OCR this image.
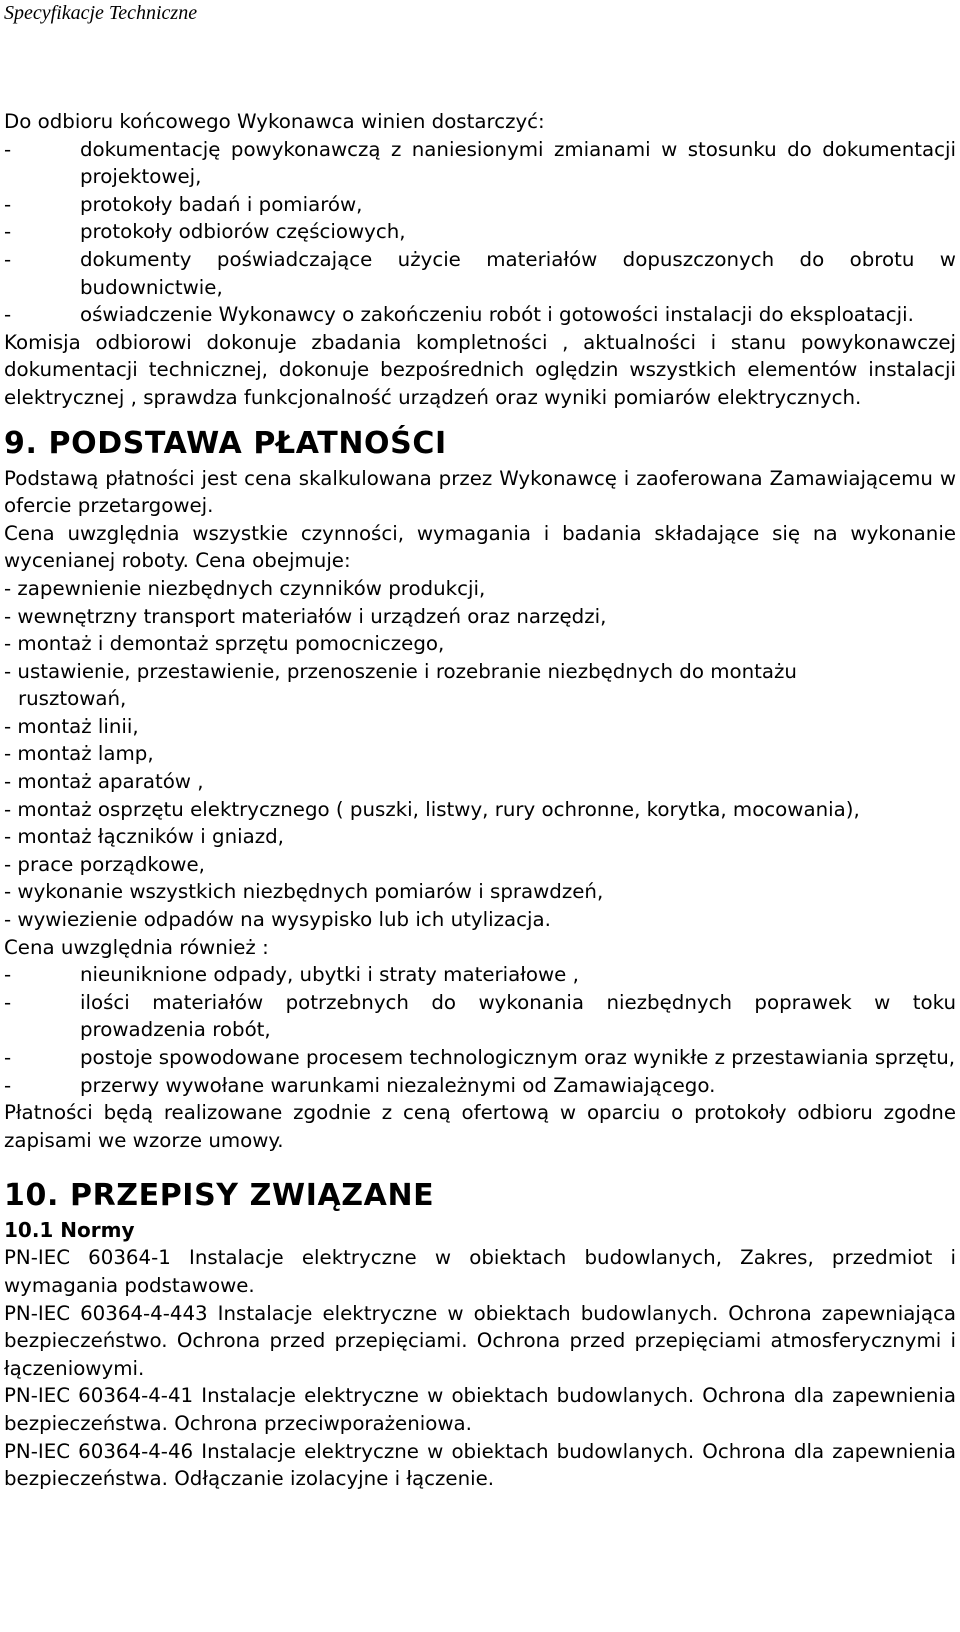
Specyfikacje Techniczne

Do odbioru końcowego Wykonawca winien dostarczyć:

-	dokumentację powykonawczą z naniesionymi zmianami w stosunku do dokumentacji projektowej,
-	protokoły badań i pomiarów,
-	protokoły odbiorów częściowych,
-	dokumenty poświadczające użycie materiałów dopuszczonych do obrotu w budownictwie,
-	oświadczenie Wykonawcy o zakończeniu robót i gotowości instalacji do eksploatacji.

Komisja odbiorowi dokonuje zbadania kompletności , aktualności i stanu powykonawczej dokumentacji technicznej, dokonuje bezpośrednich oględzin wszystkich elementów instalacji elektrycznej , sprawdza funkcjonalność urządzeń oraz wyniki pomiarów elektrycznych.

9. PODSTAWA PŁATNOŚCI

Podstawą płatności jest cena skalkulowana przez Wykonawcę i zaoferowana Zamawiającemu w ofercie przetargowej.

Cena uwzględnia wszystkie czynności, wymagania i badania składające się na wykonanie wycenianej roboty. Cena obejmuje:

- zapewnienie niezbędnych czynników produkcji,

- wewnętrzny transport materiałów i urządzeń oraz narzędzi,

- montaż i demontaż sprzętu pomocniczego,

- ustawienie, przestawienie, przenoszenie i rozebranie niezbędnych do montażu

rusztowań,

- montaż linii,

- montaż lamp,

- montaż aparatów ,

- montaż osprzętu elektrycznego ( puszki, listwy, rury ochronne, korytka, mocowania),

- montaż łączników i gniazd,

- prace porządkowe,

- wykonanie wszystkich niezbędnych pomiarów i sprawdzeń,

- wywiezienie odpadów na wysypisko lub ich utylizacja.

Cena uwzględnia również :

-	nieuniknione odpady, ubytki i straty materiałowe ,
-	ilości materiałów potrzebnych do wykonania niezbędnych poprawek w toku prowadzenia robót,
-	postoje spowodowane procesem technologicznym oraz wynikłe z przestawiania sprzętu,
-	przerwy wywołane warunkami niezależnymi od Zamawiającego.

Płatności będą realizowane zgodnie z ceną ofertową w oparciu o protokoły odbioru zgodne zapisami we wzorze umowy.

10. PRZEPISY ZWIĄZANE
10.1 Normy

PN-IEC 60364-1 Instalacje elektryczne w obiektach budowlanych, Zakres, przedmiot i wymagania podstawowe.

PN-IEC 60364-4-443 Instalacje elektryczne w obiektach budowlanych. Ochrona zapewniająca bezpieczeństwo. Ochrona przed przepięciami. Ochrona przed przepięciami atmosferycznymi i łączeniowymi.

PN-IEC 60364-4-41 Instalacje elektryczne w obiektach budowlanych. Ochrona dla zapewnienia bezpieczeństwa. Ochrona przeciwporażeniowa.

PN-IEC 60364-4-46 Instalacje elektryczne w obiektach budowlanych. Ochrona dla zapewnienia bezpieczeństwa. Odłączanie izolacyjne i łączenie.
